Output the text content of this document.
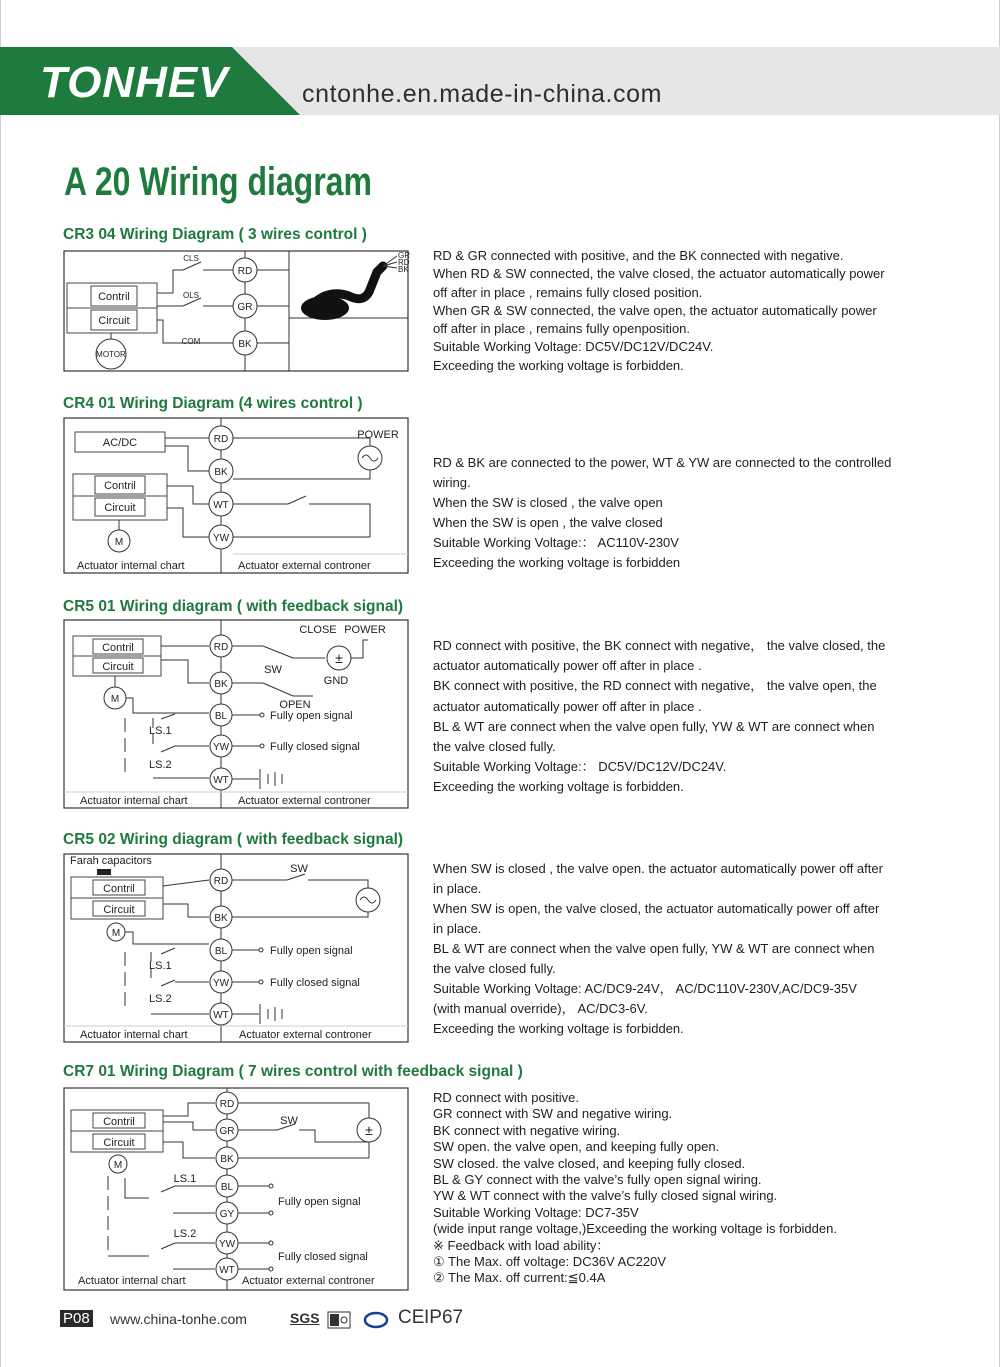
TONHEV	cntonhe.en.made-in-china.com
A 20 Wiring diagram
CR3 04 Wiring Diagram ( 3 wires control )
Contril
Circuit
MOTOR
CLS
OLS
COM
RD
GR
BK
GR
RD
BK
RD & GR connected with positive, and the BK connected with negative.
When RD & SW connected, the valve closed, the actuator automatically power
off after in place , remains fully closed position.
When GR & SW connected, the valve open, the actuator automatically power
off after in place , remains fully openposition.
Suitable Working Voltage: DC5V/DC12V/DC24V.
Exceeding the working voltage is forbidden.
CR4 01 Wiring Diagram (4 wires control )
AC/DC
Contril
Circuit
M
RD
BK
WT
YW
POWER
Actuator internal chart	Actuator external controner
RD & BK are connected to the power, WT & YW are connected to the controlled
wiring.
When the SW is closed , the valve open
When the SW is open , the valve closed
Suitable Working Voltage:： AC110V-230V
Exceeding the working voltage is forbidden
CR5 01 Wiring diagram ( with feedback signal)
Contril
Circuit
M
LS.1
LS.2
RD
BK
BL
YW
WT
CLOSE POWER
±
GND
SW
OPEN
Fully open signal
Fully closed signal
Actuator internal chart	Actuator external controner
RD connect with positive, the BK connect with negative， the valve closed, the
actuator automatically power off after in place .
BK connect with positive, the RD connect with negative， the valve open, the
actuator automatically power off after in place .
BL & WT are connect when the valve open fully, YW & WT are connect when
the valve closed fully.
Suitable Working Voltage:： DC5V/DC12V/DC24V.
Exceeding the working voltage is forbidden.
CR5 02 Wiring diagram ( with feedback signal)
Farah capacitors
Contril
Circuit
M
LS.1
LS.2
RD
BK
BL
YW
WT
SW
Fully open signal
Fully closed signal
Actuator internal chart	Actuator external controner
When SW is closed , the valve open. the actuator automatically power off after
in place.
When SW is open, the valve closed, the actuator automatically power off after
in place.
BL & WT are connect when the valve open fully, YW & WT are connect when
the valve closed fully.
Suitable Working Voltage: AC/DC9-24V， AC/DC110V-230V,AC/DC9-35V
(with manual override)， AC/DC3-6V.
Exceeding the working voltage is forbidden.
CR7 01 Wiring Diagram ( 7 wires control with feedback signal )
Contril
Circuit
M
LS.1
LS.2
RD
GR
BK
BL
GY
YW
WT
±
SW
Fully open signal
Fully closed signal
Actuator internal chart	Actuator external controner
RD connect with positive.
GR connect with SW and negative wiring.
BK connect with negative wiring.
SW open. the valve open, and keeping fully open.
SW closed. the valve closed, and keeping fully closed.
BL & GY connect with the valve’s fully open signal wiring.
YW & WT connect with the valve’s fully closed signal wiring.
Suitable Working Voltage: DC7-35V
(wide input range voltage,)Exceeding the working voltage is forbidden.
※ Feedback with load ability：
① The Max. off voltage: DC36V AC220V
② The Max. off current:≦0.4A
P08 www.china-tonhe.com	SGS	CE IP67
